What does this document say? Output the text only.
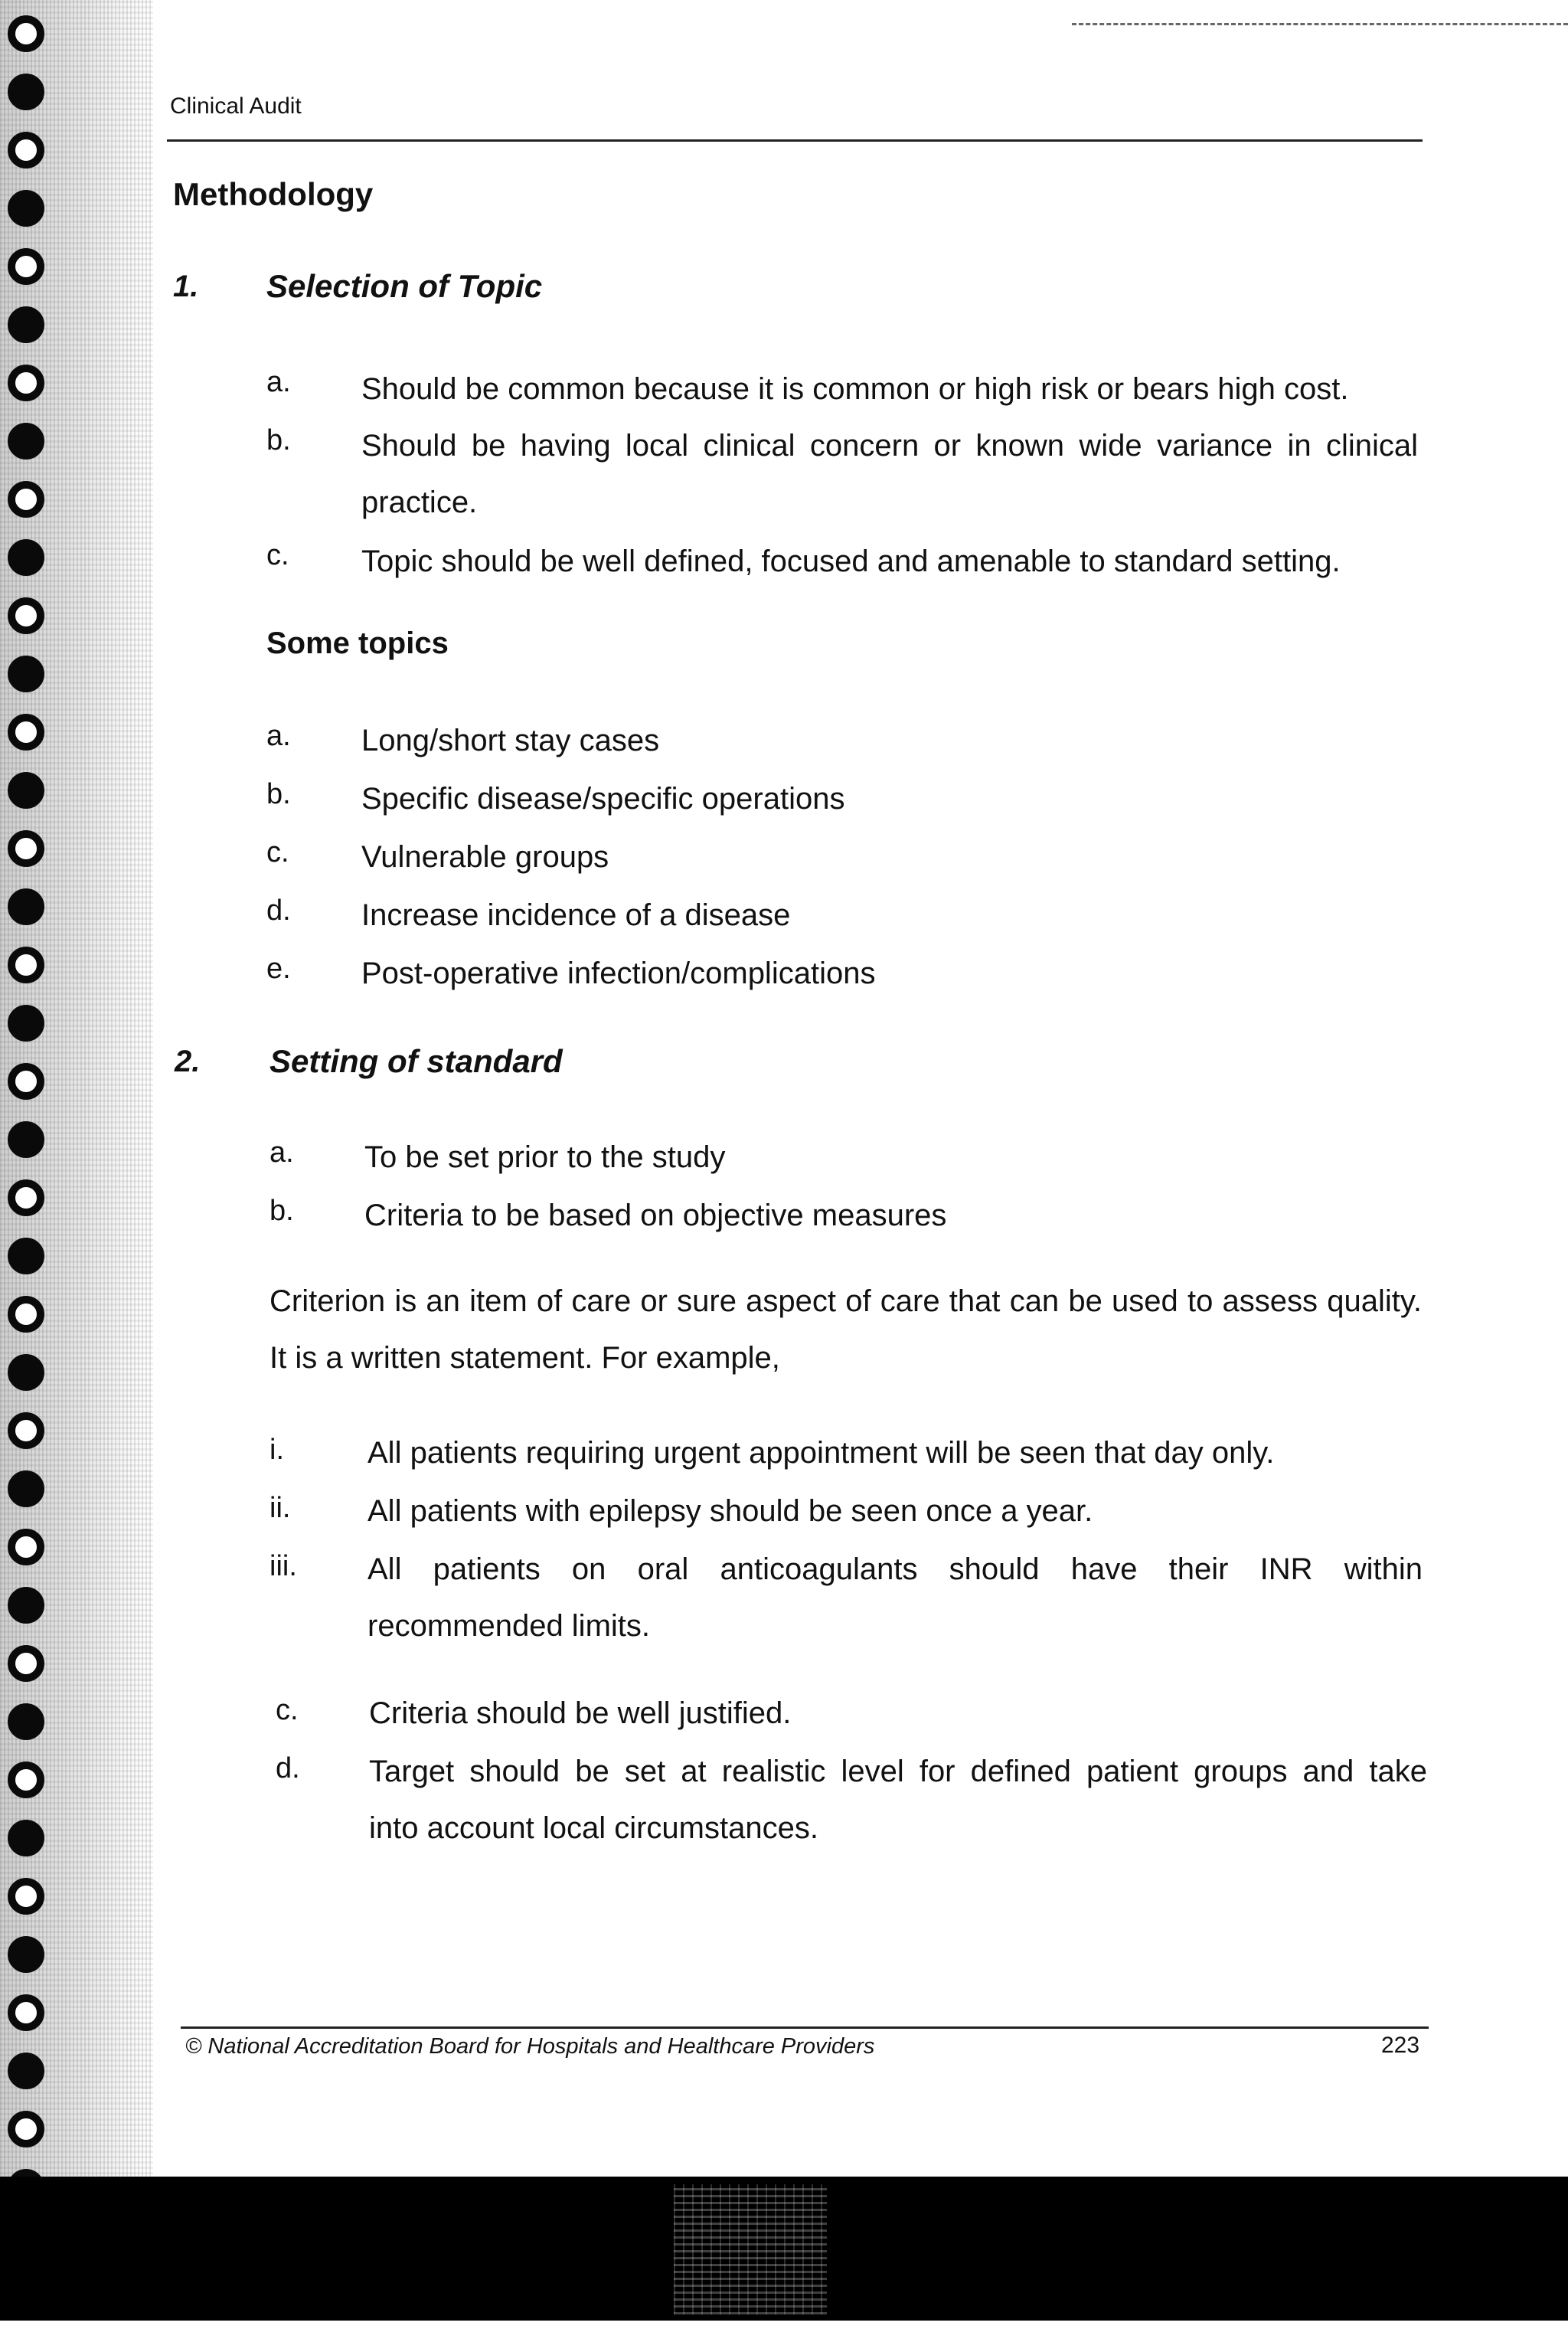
Clinical Audit
Methodology
1. Selection of Topic
a. Should be common because it is common or high risk or bears high cost.
b. Should be having local clinical concern or known wide variance in clinical
practice.
c. Topic should be well defined, focused and amenable to standard setting.
Some topics
a. Long/short stay cases
b. Specific disease/specific operations
c. Vulnerable groups
d. Increase incidence of a disease
e. Post-operative infection/complications
2. Setting of standard
a. To be set prior to the study
b. Criteria to be based on objective measures
Criterion is an item of care or sure aspect of care that can be used to assess quality. It is a written statement. For example,
i.	All patients requiring urgent appointment will be seen that day only.
ii.	All patients with epilepsy should be seen once a year.
iii. All patients on oral anticoagulants should have their INR within
recommended limits.
c. Criteria should be well justified.
d. Target should be set at realistic level for defined patient groups and take
into account local circumstances.
© National Accreditation Board for Hospitals and Healthcare Providers	223
